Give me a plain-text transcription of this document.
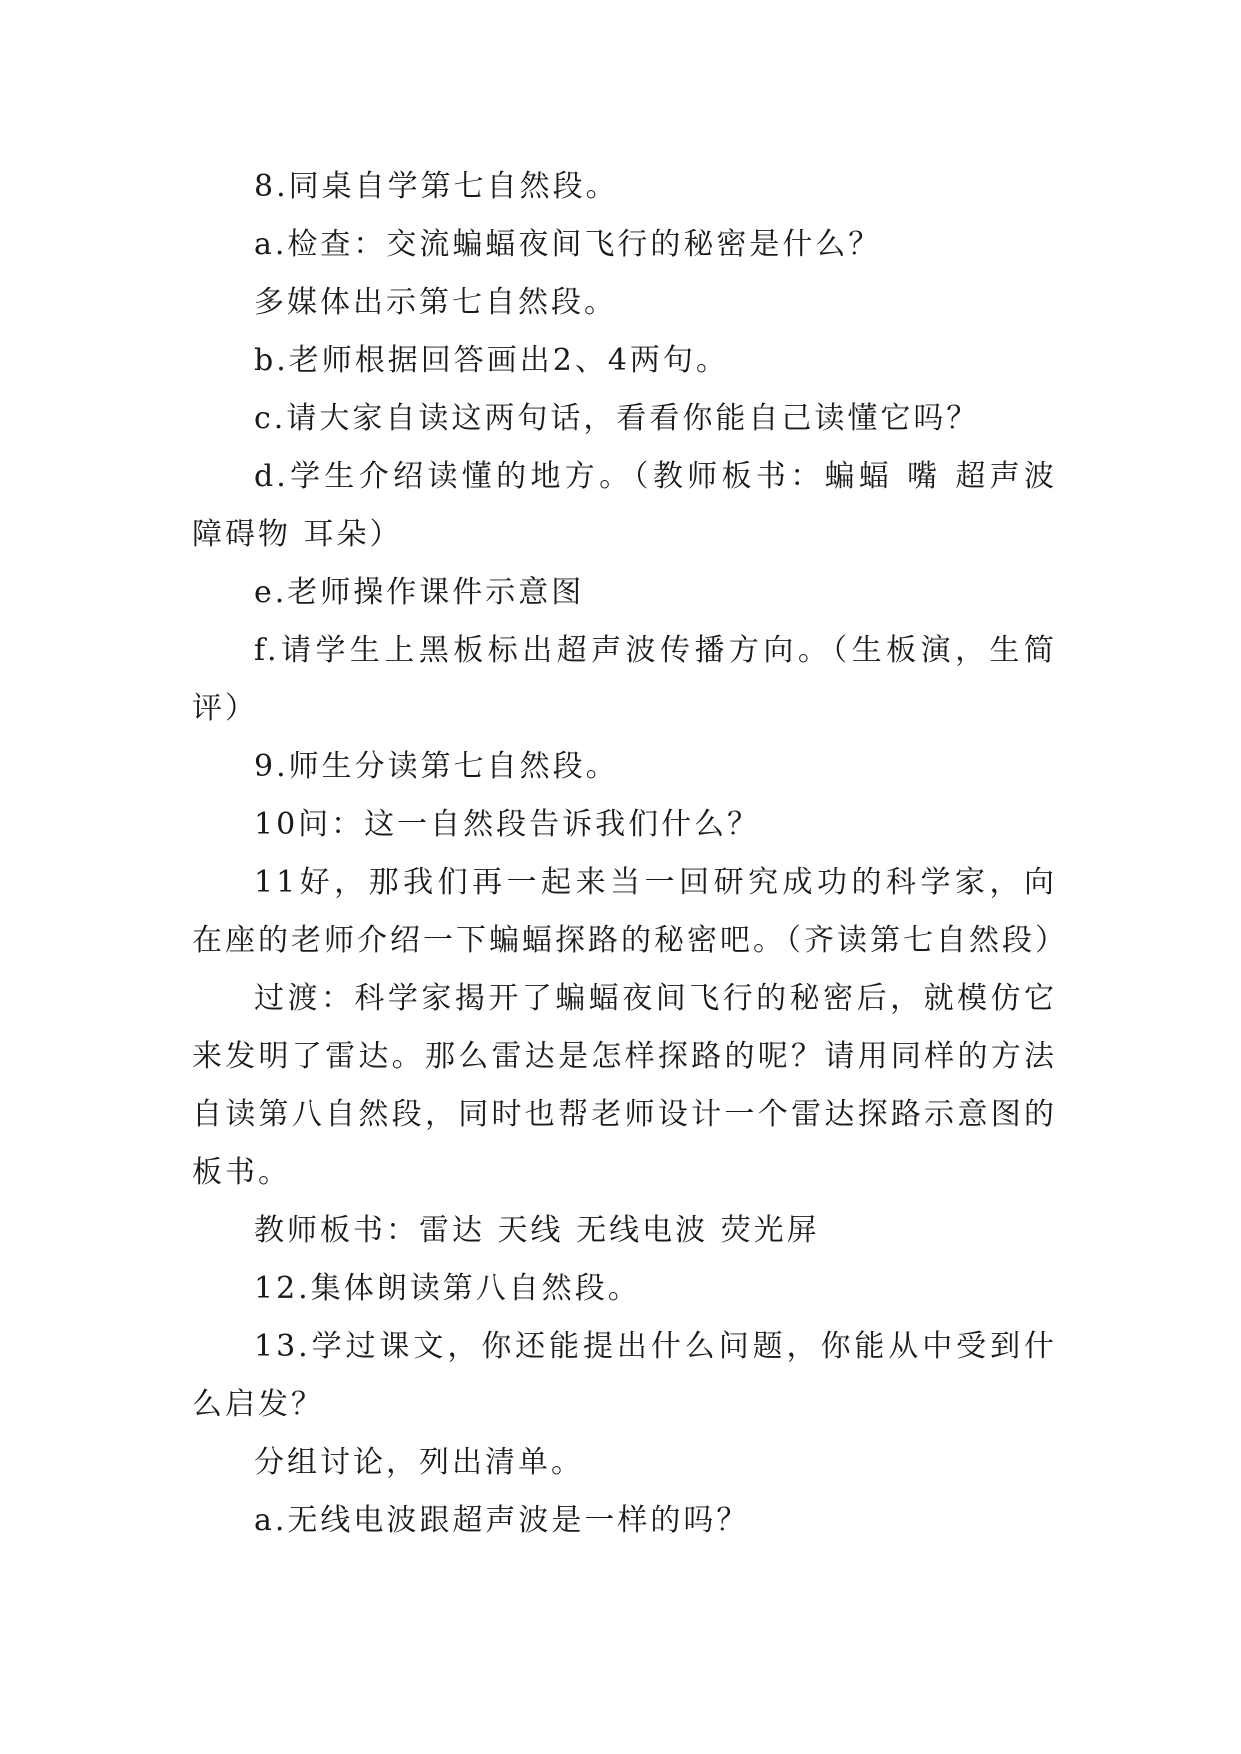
8.同桌自学第七自然段。

a.检查：交流蝙蝠夜间飞行的秘密是什么？

多媒体出示第七自然段。

b.老师根据回答画出2、4两句。

c.请大家自读这两句话，看看你能自己读懂它吗？

d.学生介绍读懂的地方。（教师板书：蝙蝠 嘴 超声波 障碍物 耳朵）

e.老师操作课件示意图

f.请学生上黑板标出超声波传播方向。（生板演，生简评）

9.师生分读第七自然段。

10问：这一自然段告诉我们什么？

11好，那我们再一起来当一回研究成功的科学家，向在座的老师介绍一下蝙蝠探路的秘密吧。（齐读第七自然段）

过渡：科学家揭开了蝙蝠夜间飞行的秘密后，就模仿它来发明了雷达。那么雷达是怎样探路的呢？请用同样的方法自读第八自然段，同时也帮老师设计一个雷达探路示意图的板书。

教师板书：雷达 天线 无线电波 荧光屏

12.集体朗读第八自然段。

13.学过课文，你还能提出什么问题，你能从中受到什么启发？

分组讨论，列出清单。

a.无线电波跟超声波是一样的吗？
